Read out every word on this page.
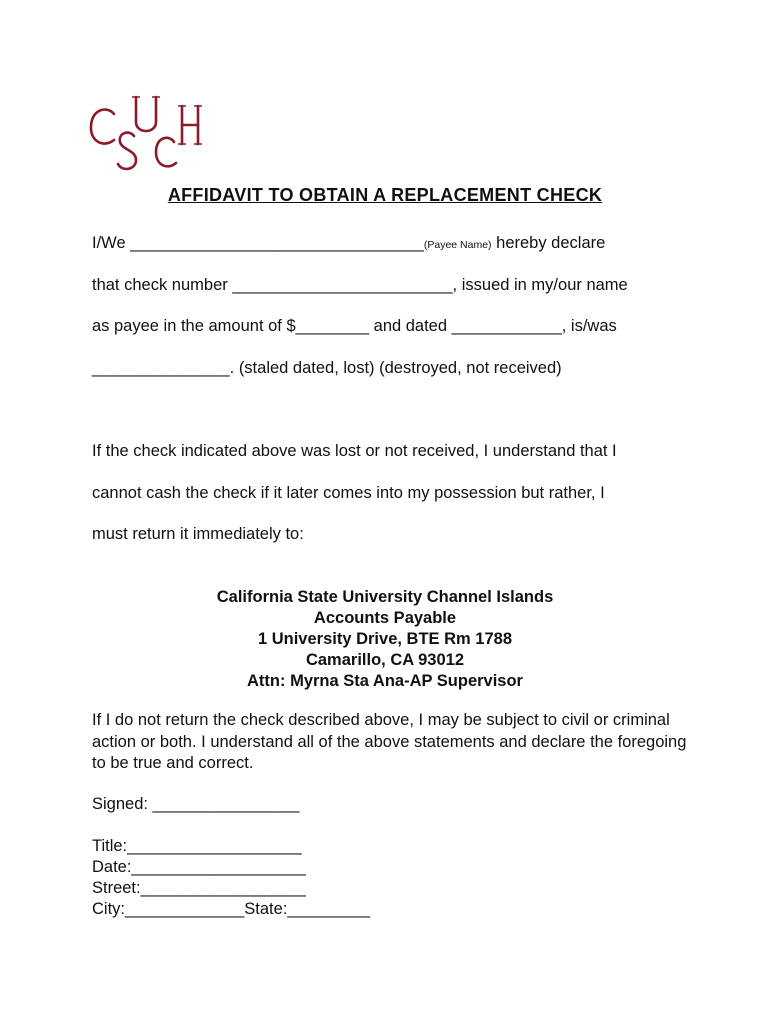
AFFIDAVIT TO OBTAIN A REPLACEMENT CHECK
I/We ________________________________(Payee Name) hereby declare
that check number ________________________, issued in my/our name
as payee in the amount of $________ and dated ____________, is/was
_______________. (staled dated, lost) (destroyed, not received)
If the check indicated above was lost or not received, I understand that I
cannot cash the check if it later comes into my possession but rather, I
must return it immediately to:
California State University Channel Islands
Accounts Payable
1 University Drive, BTE Rm 1788
Camarillo, CA 93012
Attn: Myrna Sta Ana-AP Supervisor
If I do not return the check described above, I may be subject to civil or criminal action or both. I understand all of the above statements and declare the foregoing to be true and correct.
Signed: ________________
Title:___________________
Date:___________________
Street:__________________
City:_____________State:_________
